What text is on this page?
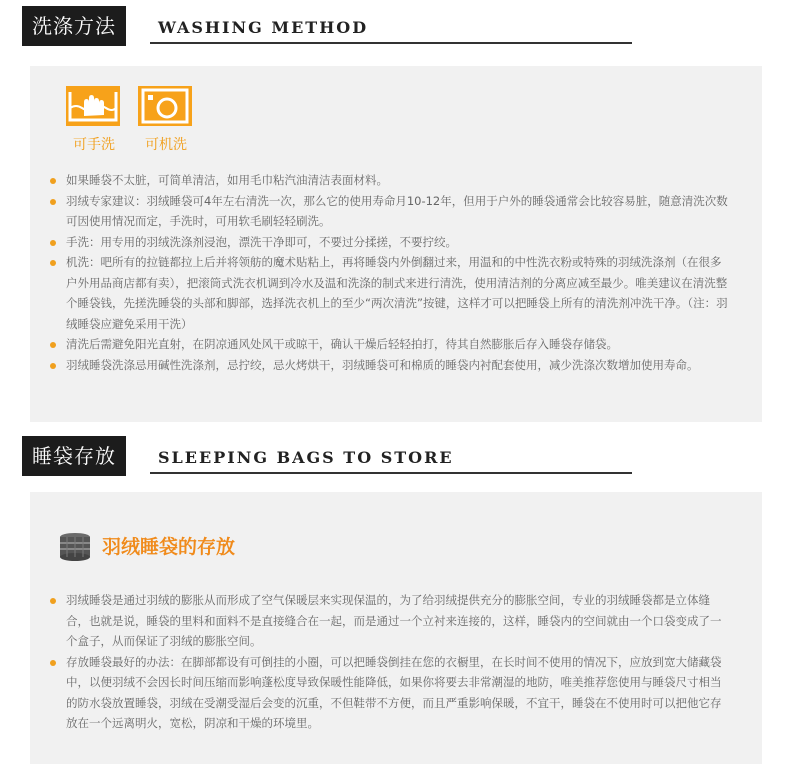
洗涤方法	WASHING METHOD
可手洗	可机洗
如果睡袋不太脏，可简单清洁，如用毛巾粘汽油清洁表面材料。
羽绒专家建议：羽绒睡袋可4年左右清洗一次，那么它的使用寿命月10-12年，但用于户外的睡袋通常会比较容易脏，随意清洗次数可因使用情况而定，手洗时，可用软毛刷轻轻刷洗。
手洗：用专用的羽绒洗涤剂浸泡，漂洗干净即可，不要过分揉搓，不要拧绞。
机洗：吧所有的拉链都拉上后并将领舫的魔术贴粘上，再将睡袋内外倒翻过来，用温和的中性洗衣粉或特殊的羽绒洗涤剂（在很多户外用品商店都有卖），把滚筒式洗衣机调到冷水及温和洗涤的制式来进行清洗，使用清洁剂的分离应减至最少。唯美建议在清洗整个睡袋钱，先搓洗睡袋的头部和脚部，选择洗衣机上的至少“两次清洗”按键，这样才可以把睡袋上所有的清洗剂冲洗干净。（注：羽绒睡袋应避免采用干洗）
清洗后需避免阳光直射，在阴凉通风处风干或晾干，确认干燥后轻轻拍打，待其自然膨胀后存入睡袋存储袋。
羽绒睡袋洗涤忌用碱性洗涤剂，忌拧绞，忌火烤烘干，羽绒睡袋可和棉质的睡袋内衬配套使用，减少洗涤次数增加使用寿命。
睡袋存放	SLEEPING BAGS TO STORE
羽绒睡袋的存放
羽绒睡袋是通过羽绒的膨胀从而形成了空气保暖层来实现保温的，为了给羽绒提供充分的膨胀空间，专业的羽绒睡袋都是立体缝合，也就是说，睡袋的里料和面料不是直接缝合在一起，而是通过一个立衬来连接的，这样，睡袋内的空间就由一个口袋变成了一个盒子，从而保证了羽绒的膨胀空间。
存放睡袋最好的办法：在脚部都设有可倒挂的小圈，可以把睡袋倒挂在您的衣橱里，在长时间不使用的情况下，应放到宽大储藏袋中，以便羽绒不会因长时间压缩而影响蓬松度导致保暖性能降低，如果你将要去非常潮湿的地防，唯美推荐您使用与睡袋尺寸相当的防水袋放置睡袋，羽绒在受潮受湿后会变的沉重，不但鞋带不方便，而且严重影响保暖，不宜干，睡袋在不使用时可以把他它存放在一个远离明火，宽松，阴凉和干燥的环境里。
